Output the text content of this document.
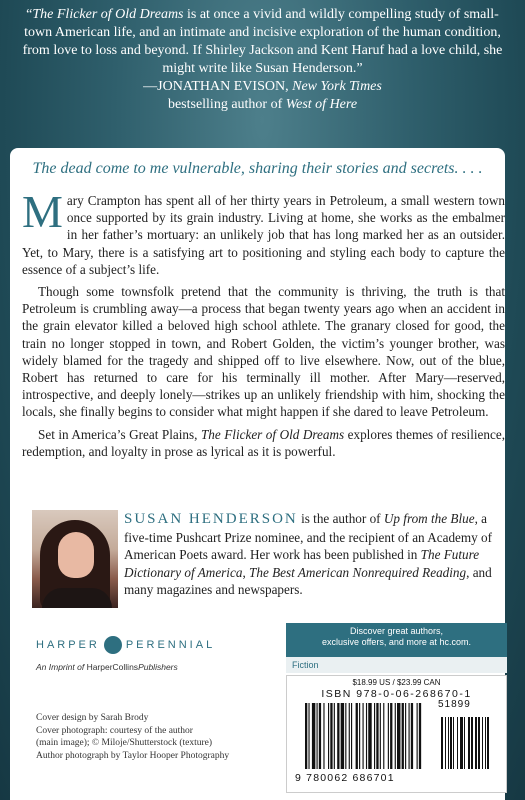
“The Flicker of Old Dreams is at once a vivid and wildly compelling study of small-town American life, and an intimate and incisive exploration of the human condition, from love to loss and beyond. If Shirley Jackson and Kent Haruf had a love child, she might write like Susan Henderson.”
—JONATHAN EVISON, New York Times
bestselling author of West of Here
The dead come to me vulnerable, sharing their stories and secrets. . . .

Mary Crampton has spent all of her thirty years in Petroleum, a small western town once supported by its grain industry. Living at home, she works as the embalmer in her father’s mortuary: an unlikely job that has long marked her as an outsider. Yet, to Mary, there is a satisfying art to positioning and styling each body to capture the essence of a subject’s life.

Though some townsfolk pretend that the community is thriving, the truth is that Petroleum is crumbling away—a process that began twenty years ago when an accident in the grain elevator killed a beloved high school athlete. The granary closed for good, the train no longer stopped in town, and Robert Golden, the victim’s younger brother, was widely blamed for the tragedy and shipped off to live elsewhere. Now, out of the blue, Robert has returned to care for his terminally ill mother. After Mary—reserved, introspective, and deeply lonely—strikes up an unlikely friendship with him, shocking the locals, she finally begins to consider what might happen if she dared to leave Petroleum.

Set in America’s Great Plains, The Flicker of Old Dreams explores themes of resilience, redemption, and loyalty in prose as lyrical as it is powerful.

SUSAN HENDERSON is the author of Up from the Blue, a five-time Pushcart Prize nominee, and the recipient of an Academy of American Poets award. Her work has been published in The Future Dictionary of America, The Best American Nonrequired Reading, and many magazines and newspapers.
HARPER PERENNIAL
An Imprint of HarperCollinsPublishers
Cover design by Sarah Brody
Cover photograph: courtesy of the author
(main image); © Miloje/Shutterstock (texture)
Author photograph by Taylor Hooper Photography
Discover great authors,
exclusive offers, and more at hc.com.
Fiction
$18.99 US / $23.99 CAN
ISBN 978-0-06-268670-1
51899
9 780062 686701
